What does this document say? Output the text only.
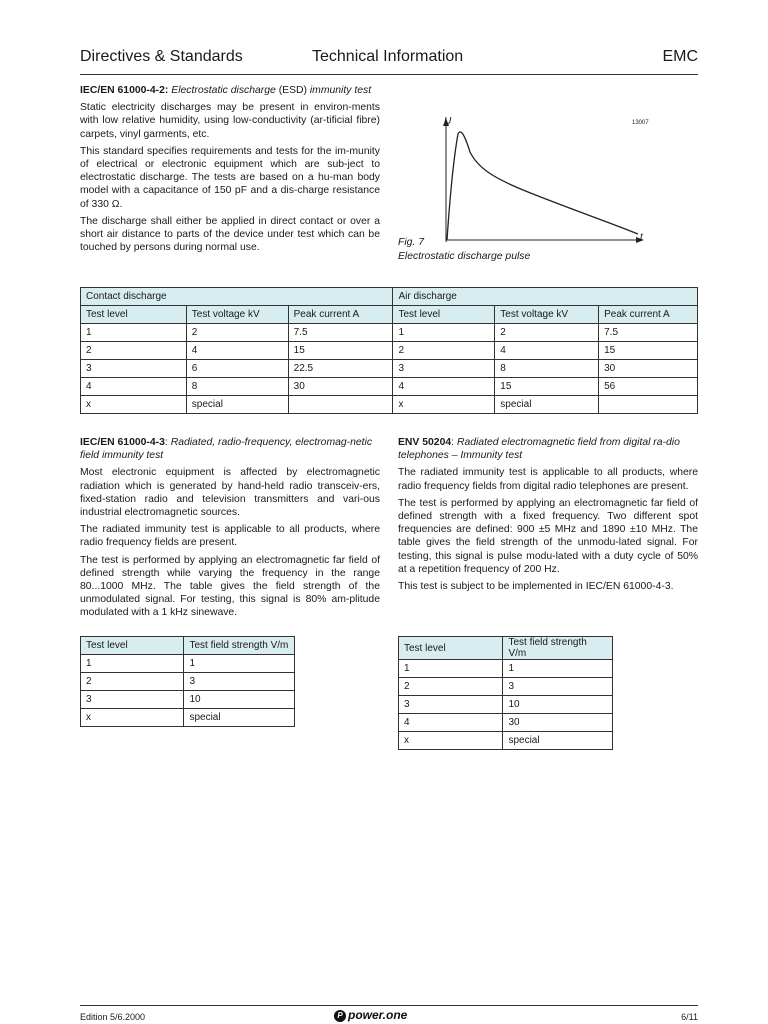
Directives & Standards	Technical Information	EMC

IEC/EN 61000-4-2: Electrostatic discharge (ESD) immunity test

Static electricity discharges may be present in environ-ments with low relative humidity, using low-conductivity (ar-tificial fibre) carpets, vinyl garments, etc.

This standard specifies requirements and tests for the im-munity of electrical or electronic equipment which are sub-ject to electrostatic discharge. The tests are based on a hu-man body model with a capacitance of 150 pF and a dis-charge resistance of 330 Ω.

The discharge shall either be applied in direct contact or over a short air distance to parts of the device under test which can be touched by persons during normal use.

U
t
13007
Fig. 7
Electrostatic discharge pulse
Contact discharge			Air discharge		
Test level	Test voltage kV	Peak current A	Test level	Test voltage kV	Peak current A
1	2	7.5	1	2	7.5
2	4	15	2	4	15
3	6	22.5	3	8	30
4	8	30	4	15	56
x	special		x	special	

IEC/EN 61000-4-3: Radiated, radio-frequency, electromag-netic field immunity test

Most electronic equipment is affected by electromagnetic radiation which is generated by hand-held radio transceiv-ers, fixed-station radio and television transmitters and vari-ous industrial electromagnetic sources.

The radiated immunity test is applicable to all products, where radio frequency fields are present.

The test is performed by applying an electromagnetic far field of defined strength while varying the frequency in the range 80...1000 MHz. The table gives the field strength of the unmodulated signal. For testing, this signal is 80% am-plitude modulated with a 1 kHz sinewave.

Test level	Test field strength V/m
1	1
2	3
3	10
x	special

ENV 50204: Radiated electromagnetic field from digital ra-dio telephones – Immunity test

The radiated immunity test is applicable to all products, where radio frequency fields from digital radio telephones are present.

The test is performed by applying an electromagnetic far field of defined strength with a fixed frequency. Two different spot frequencies are defined: 900 ±5 MHz and 1890 ±10 MHz. The table gives the field strength of the unmodu-lated signal. For testing, this signal is pulse modu-lated with a duty cycle of 50% at a repetition frequency of 200 Hz.

This test is subject to be implemented in IEC/EN 61000-4-3.

Test level	Test field strength V/m
1	1
2	3
3	10
4	30
x	special
Edition 5/6.2000	P power.one	6/11
